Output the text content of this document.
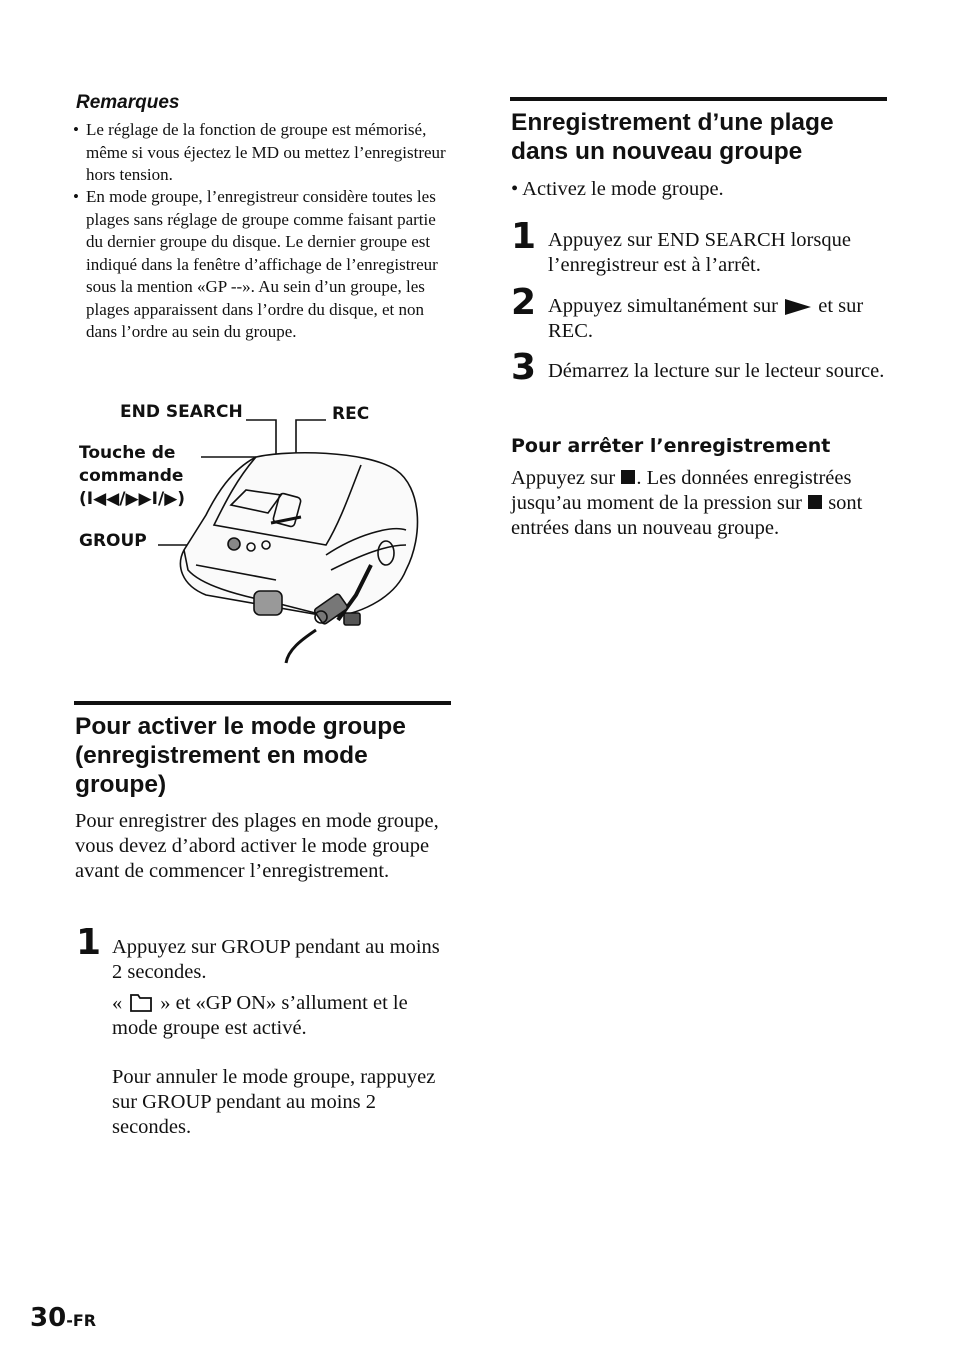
Remarques
• Le réglage de la fonction de groupe est mémorisé, même si vous éjectez le MD ou mettez l’enregistreur hors tension.
• En mode groupe, l’enregistreur considère toutes les plages sans réglage de groupe comme faisant partie du dernier groupe du disque. Le dernier groupe est indiqué dans la fenêtre d’affichage de l’enregistreur sous la mention «GP --». Au sein d’un groupe, les plages apparaissent dans l’ordre du disque, et non dans l’ordre au sein du groupe.
END SEARCH	REC
Touche de
commande
(I◀◀/▶▶I/▶)
GROUP
Pour activer le mode groupe (enregistrement en mode groupe)
Pour enregistrer des plages en mode groupe, vous devez d’abord activer le mode groupe avant de commencer l’enregistrement.
1 Appuyez sur GROUP pendant au moins 2 secondes.
« » et «GP ON» s’allument et le mode groupe est activé.
Pour annuler le mode groupe, rappuyez sur GROUP pendant au moins 2 secondes.
Enregistrement d’une plage dans un nouveau groupe
• Activez le mode groupe.
1 Appuyez sur END SEARCH lorsque l’enregistreur est à l’arrêt.
2 Appuyez simultanément sur et sur REC.
3 Démarrez la lecture sur le lecteur source.
Pour arrêter l’enregistrement
Appuyez sur . Les données enregistrées jusqu’au moment de la pression sur sont entrées dans un nouveau groupe.
30-FR
